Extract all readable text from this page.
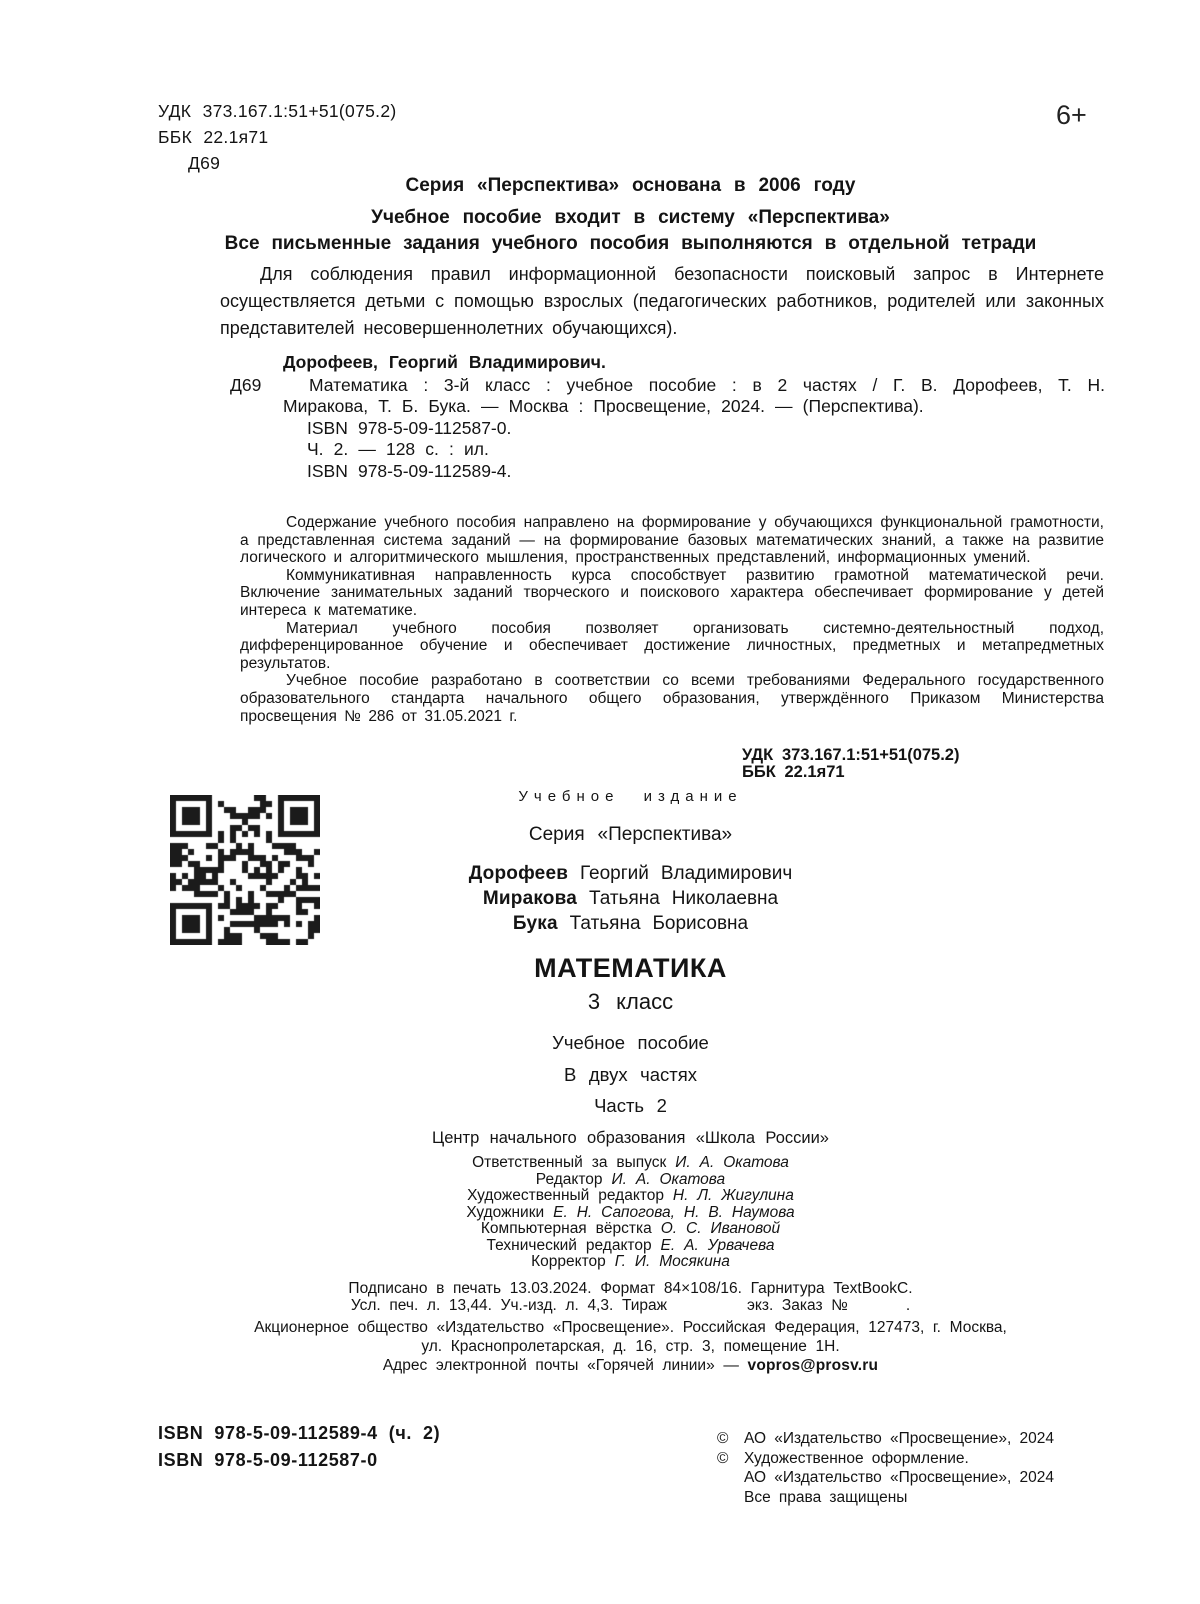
6+
УДК 373.167.1:51+51(075.2)
ББК 22.1я71
Д69
Серия «Перспектива» основана в 2006 году
Учебное пособие входит в систему «Перспектива»
Все письменные задания учебного пособия выполняются в отдельной тетради

Для соблюдения правил информационной безопасности поисковый запрос в Интернете осуществляется детьми с помощью взрослых (педагогических работников, родителей или законных представителей несовершеннолетних обучающихся).

Дорофеев, Георгий Владимирович.
Д69	Математика : 3-й класс : учебное пособие : в 2 частях / Г. В. Дорофеев, Т. Н. Миракова, Т. Б. Бука. — Москва : Просвещение, 2024. — (Перспектива).

ISBN 978-5-09-112587-0.

Ч. 2. — 128 с. : ил.

ISBN 978-5-09-112589-4.

Содержание учебного пособия направлено на формирование у обучающихся функциональной грамотности, а представленная система заданий — на формирование базовых математических знаний, а также на развитие логического и алгоритмического мышления, пространственных представлений, информационных умений.

Коммуникативная направленность курса способствует развитию грамотной математической речи. Включение занимательных заданий творческого и поискового характера обеспечивает формирование у детей интереса к математике.

Материал учебного пособия позволяет организовать системно-деятельностный подход, дифференцированное обучение и обеспечивает достижение личностных, предметных и метапредметных результатов.

Учебное пособие разработано в соответствии со всеми требованиями Федерального государственного образовательного стандарта начального общего образования, утверждённого Приказом Министерства просвещения № 286 от 31.05.2021 г.

УДК 373.167.1:51+51(075.2)
ББК 22.1я71
Учебное издание
Серия «Перспектива»
Дорофеев Георгий Владимирович
Миракова Татьяна Николаевна
Бука Татьяна Борисовна
МАТЕМАТИКА
3 класс
Учебное пособие
В двух частях
Часть 2
Центр начального образования «Школа России»
Ответственный за выпуск И. А. Окатова
Редактор И. А. Окатова
Художественный редактор Н. Л. Жигулина
Художники Е. Н. Сапогова, Н. В. Наумова
Компьютерная вёрстка О. С. Ивановой
Технический редактор Е. А. Урвачева
Корректор Г. И. Мосякина
Подписано в печать 13.03.2024. Формат 84×108/16. Гарнитура TextBookC.
Усл. печ. л. 13,44. Уч.-изд. л. 4,3. Тираж	экз. Заказ №	.
Акционерное общество «Издательство «Просвещение». Российская Федерация, 127473, г. Москва,
ул. Краснопролетарская, д. 16, стр. 3, помещение 1Н.
Адрес электронной почты «Горячей линии» — vopros@prosv.ru
ISBN 978-5-09-112589-4 (ч. 2)
ISBN 978-5-09-112587-0
©	АО «Издательство «Просвещение», 2024
©	Художественное оформление.
АО «Издательство «Просвещение», 2024
Все права защищены
